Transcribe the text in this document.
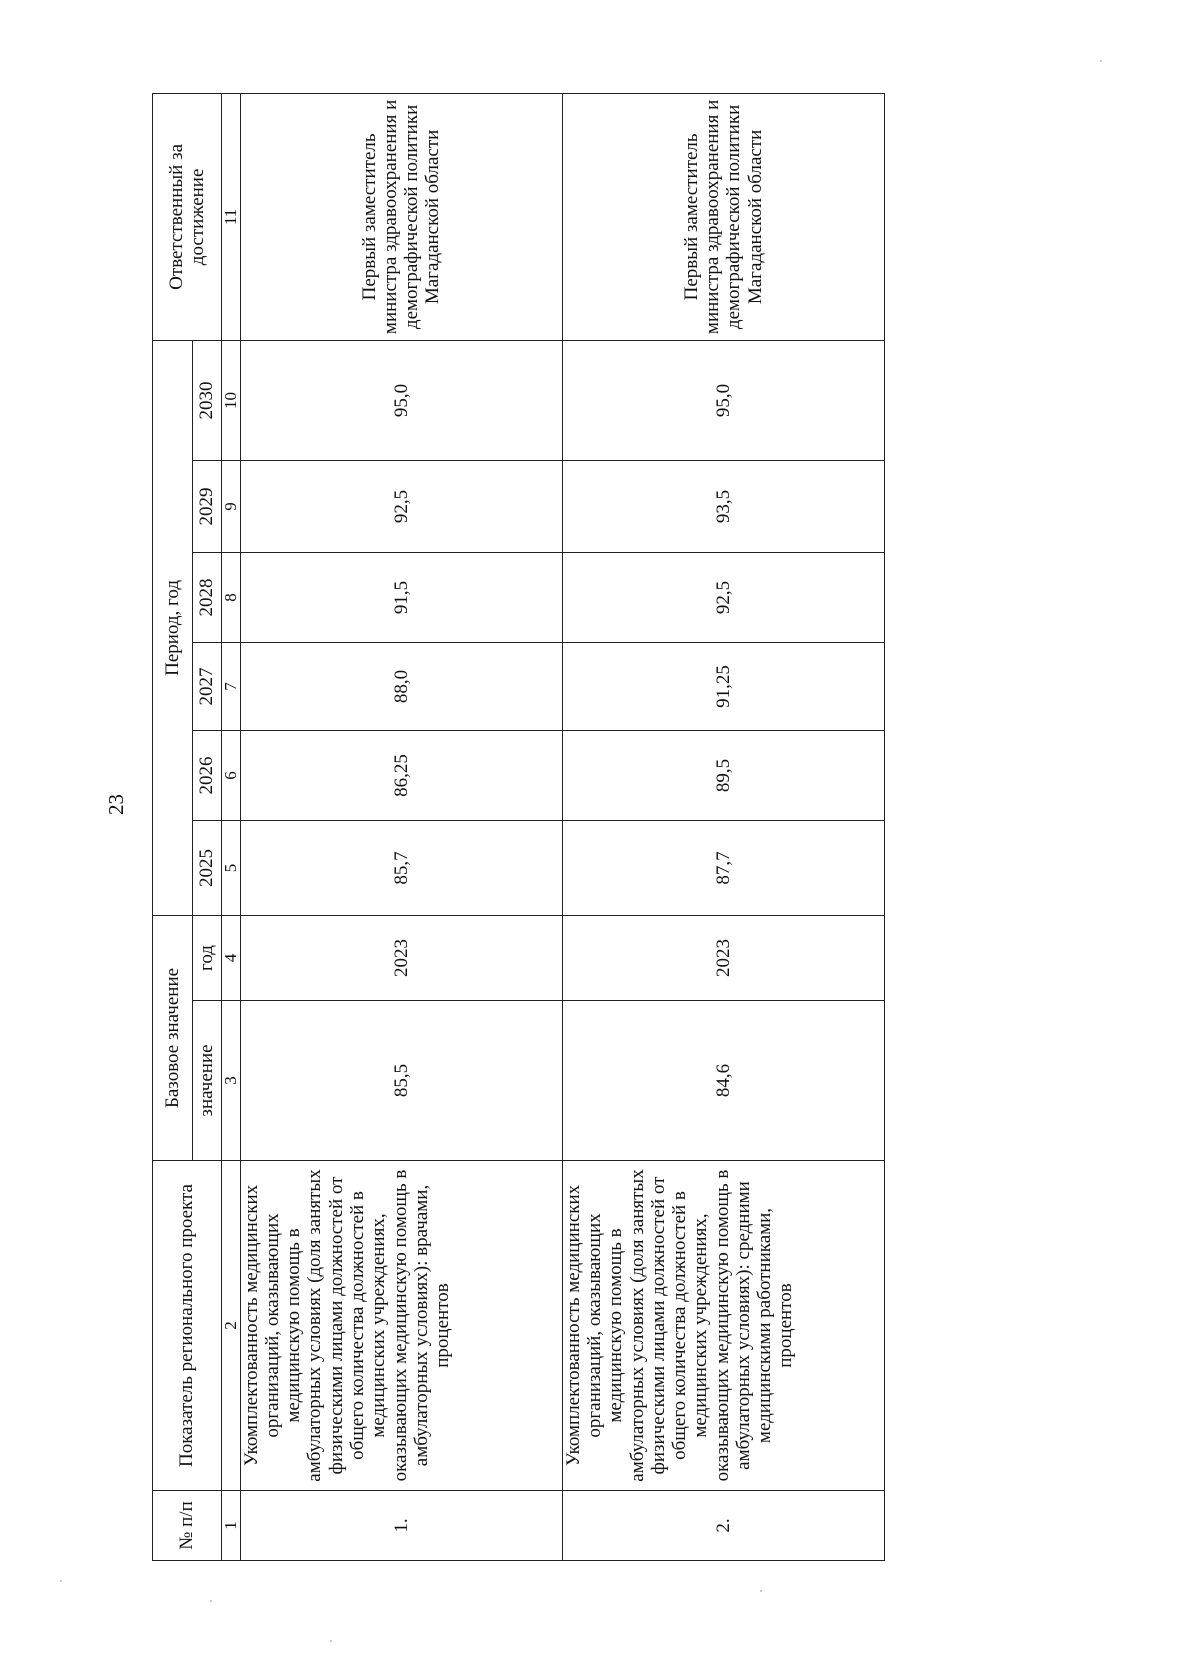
23
№ п/п	Показатель регионального проекта	Базовое значение		Период, год						Ответственный за достижение
		значение	год	2025	2026	2027	2028	2029	2030	
1	2	3	4	5	6	7	8	9	10	11
1.	Укомплектованность медицинских организаций, оказывающих медицинскую помощь в амбулаторных условиях (доля занятых физическими лицами должностей от общего количества должностей в медицинских учреждениях, оказывающих медицинскую помощь в амбулаторных условиях): врачами, процентов	85,5	2023	85,7	86,25	88,0	91,5	92,5	95,0	Первый заместитель министра здравоохранения и демографической политики Магаданской области
2.	Укомплектованность медицинских организаций, оказывающих медицинскую помощь в амбулаторных условиях (доля занятых физическими лицами должностей от общего количества должностей в медицинских учреждениях, оказывающих медицинскую помощь в амбулаторных условиях): средними медицинскими работниками, процентов	84,6	2023	87,7	89,5	91,25	92,5	93,5	95,0	Первый заместитель министра здравоохранения и демографической политики Магаданской области
